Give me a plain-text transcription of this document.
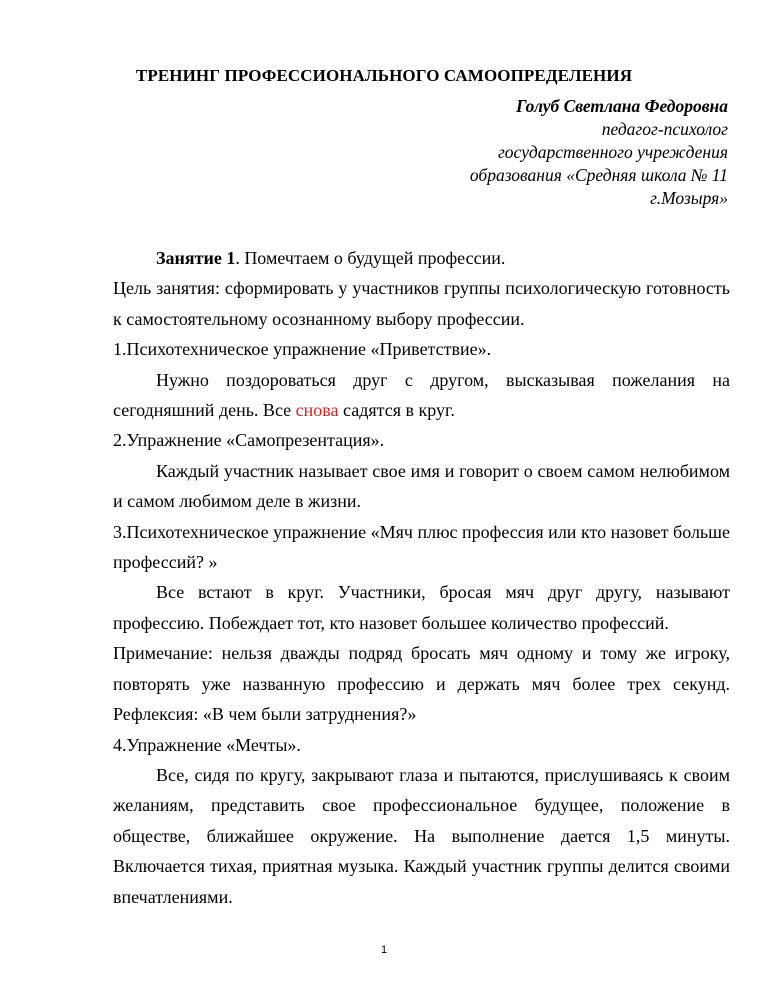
ТРЕНИНГ ПРОФЕССИОНАЛЬНОГО САМООПРЕДЕЛЕНИЯ
Голуб Светлана Федоровна
педагог-психолог
государственного учреждения
образования «Средняя школа № 11
г.Мозыря»

Занятие 1. Помечтаем о будущей профессии.

Цель занятия: сформировать у участников группы психологическую готовность к самостоятельному осознанному выбору профессии.

1.Психотехническое упражнение «Приветствие».

Нужно поздороваться друг с другом, высказывая пожелания на сегодняшний день. Все снова садятся в круг.

2.Упражнение «Самопрезентация».

Каждый участник называет свое имя и говорит о своем самом нелюбимом и самом любимом деле в жизни.

3.Психотехническое упражнение «Мяч плюс профессия или кто назовет больше профессий? »

Все встают в круг. Участники, бросая мяч друг другу, называют профессию. Побеждает тот, кто назовет большее количество профессий.

Примечание: нельзя дважды подряд бросать мяч одному и тому же игроку, повторять уже названную профессию и держать мяч более трех секунд.

Рефлексия: «В чем были затруднения?»

4.Упражнение «Мечты».

Все, сидя по кругу, закрывают глаза и пытаются, прислушиваясь к своим желаниям, представить свое профессиональное будущее, положение в обществе, ближайшее окружение. На выполнение дается 1,5 минуты. Включается тихая, приятная музыка. Каждый участник группы делится своими впечатлениями.

1
